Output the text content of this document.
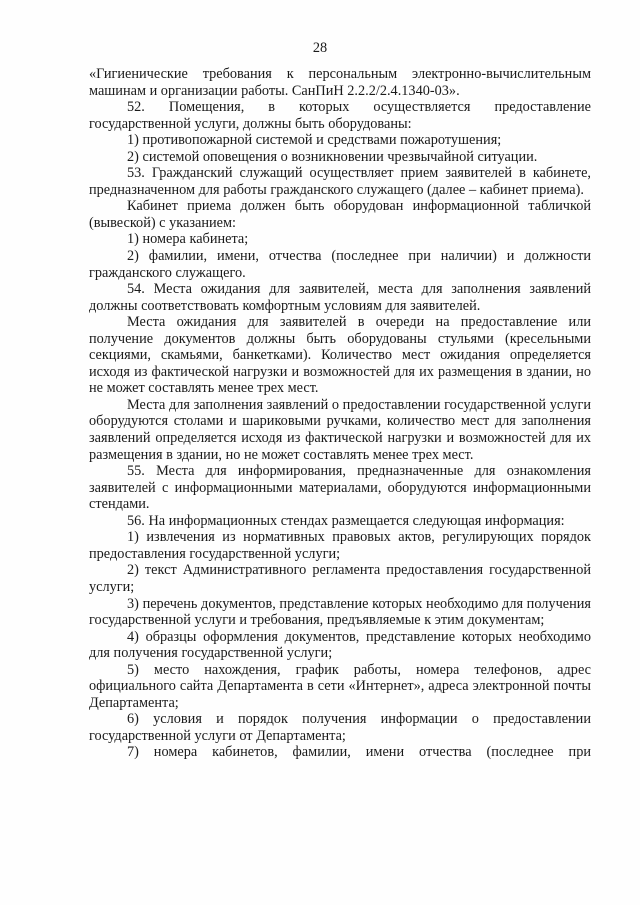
28

«Гигиенические требования к персональным электронно-вычислительным машинам и организации работы. СанПиН 2.2.2/2.4.1340-03».

52. Помещения, в которых осуществляется предоставление государственной услуги, должны быть оборудованы:

1) противопожарной системой и средствами пожаротушения;

2) системой оповещения о возникновении чрезвычайной ситуации.

53. Гражданский служащий осуществляет прием заявителей в кабинете, предназначенном для работы гражданского служащего (далее – кабинет приема).

Кабинет приема должен быть оборудован информационной табличкой (вывеской) с указанием:

1) номера кабинета;

2) фамилии, имени, отчества (последнее при наличии) и должности гражданского служащего.

54. Места ожидания для заявителей, места для заполнения заявлений должны соответствовать комфортным условиям для заявителей.

Места ожидания для заявителей в очереди на предоставление или получение документов должны быть оборудованы стульями (кресельными секциями, скамьями, банкетками). Количество мест ожидания определяется исходя из фактической нагрузки и возможностей для их размещения в здании, но не может составлять менее трех мест.

Места для заполнения заявлений о предоставлении государственной услуги оборудуются столами и шариковыми ручками, количество мест для заполнения заявлений определяется исходя из фактической нагрузки и возможностей для их размещения в здании, но не может составлять менее трех мест.

55. Места для информирования, предназначенные для ознакомления заявителей с информационными материалами, оборудуются информационными стендами.

56. На информационных стендах размещается следующая информация:

1) извлечения из нормативных правовых актов, регулирующих порядок предоставления государственной услуги;

2) текст Административного регламента предоставления государственной услуги;

3) перечень документов, представление которых необходимо для получения государственной услуги и требования, предъявляемые к этим документам;

4) образцы оформления документов, представление которых необходимо для получения государственной услуги;

5) место нахождения, график работы, номера телефонов, адрес официального сайта Департамента в сети «Интернет», адреса электронной почты Департамента;

6) условия и порядок получения информации о предоставлении государственной услуги от Департамента;

7) номера кабинетов, фамилии, имени отчества (последнее при
